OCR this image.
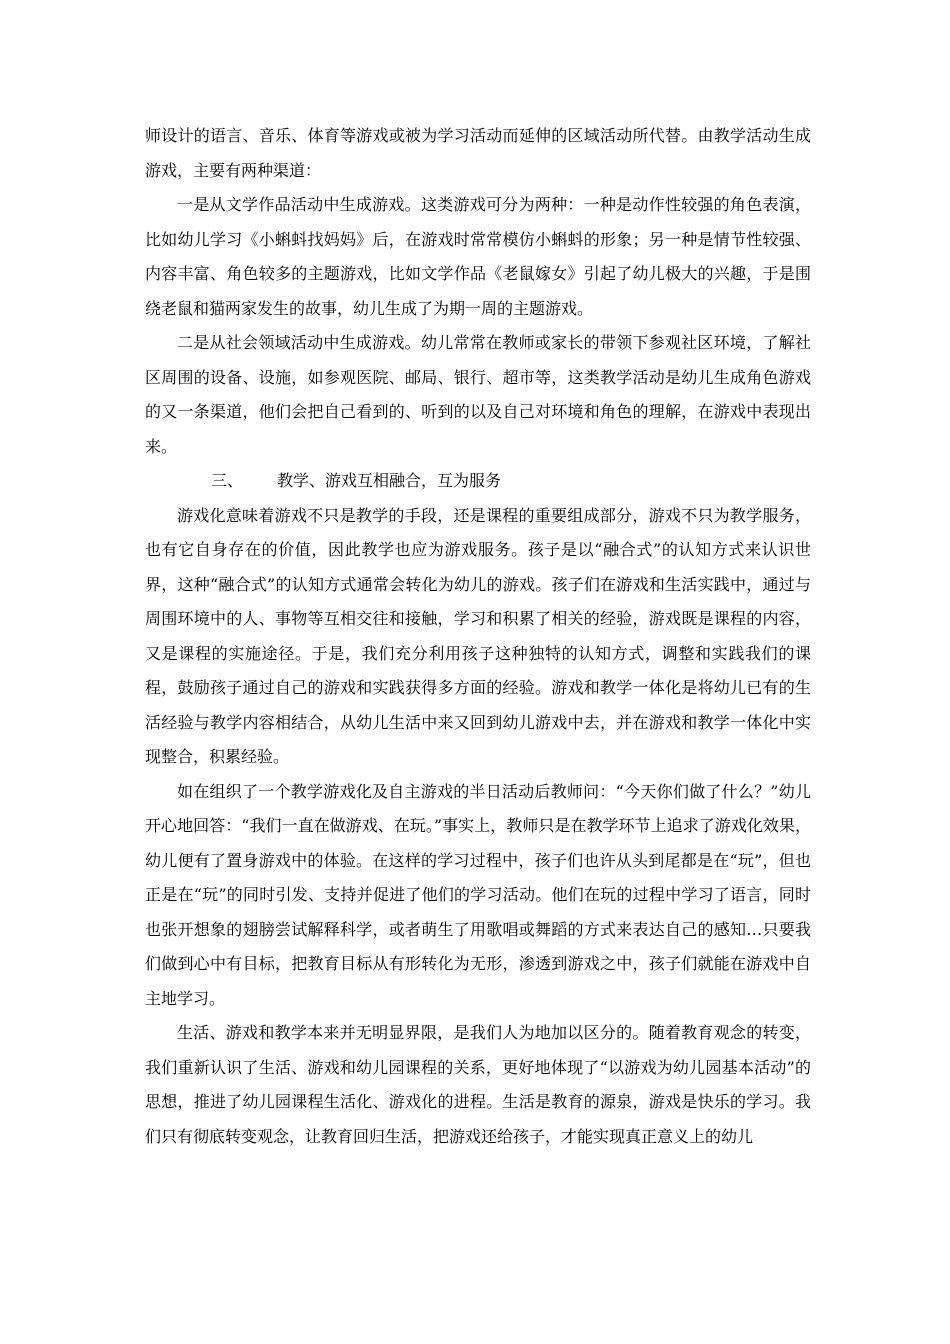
师设计的语言、音乐、体育等游戏或被为学习活动而延伸的区域活动所代替。由教学活动生成游戏，主要有两种渠道：

一是从文学作品活动中生成游戏。这类游戏可分为两种：一种是动作性较强的角色表演，比如幼儿学习《小蝌蚪找妈妈》后，在游戏时常常模仿小蝌蚪的形象；另一种是情节性较强、内容丰富、角色较多的主题游戏，比如文学作品《老鼠嫁女》引起了幼儿极大的兴趣，于是围绕老鼠和猫两家发生的故事，幼儿生成了为期一周的主题游戏。

二是从社会领域活动中生成游戏。幼儿常常在教师或家长的带领下参观社区环境，了解社区周围的设备、设施，如参观医院、邮局、银行、超市等，这类教学活动是幼儿生成角色游戏的又一条渠道，他们会把自己看到的、听到的以及自己对环境和角色的理解，在游戏中表现出来。

三、 教学、游戏互相融合，互为服务

游戏化意味着游戏不只是教学的手段，还是课程的重要组成部分，游戏不只为教学服务，也有它自身存在的价值，因此教学也应为游戏服务。孩子是以“融合式”的认知方式来认识世界，这种“融合式”的认知方式通常会转化为幼儿的游戏。孩子们在游戏和生活实践中，通过与周围环境中的人、事物等互相交往和接触，学习和积累了相关的经验，游戏既是课程的内容，又是课程的实施途径。于是，我们充分利用孩子这种独特的认知方式，调整和实践我们的课程，鼓励孩子通过自己的游戏和实践获得多方面的经验。游戏和教学一体化是将幼儿已有的生活经验与教学内容相结合，从幼儿生活中来又回到幼儿游戏中去，并在游戏和教学一体化中实现整合，积累经验。

如在组织了一个教学游戏化及自主游戏的半日活动后教师问：“今天你们做了什么？”幼儿开心地回答：“我们一直在做游戏、在玩。”事实上，教师只是在教学环节上追求了游戏化效果，幼儿便有了置身游戏中的体验。在这样的学习过程中，孩子们也许从头到尾都是在“玩”，但也正是在“玩”的同时引发、支持并促进了他们的学习活动。他们在玩的过程中学习了语言，同时也张开想象的翅膀尝试解释科学，或者萌生了用歌唱或舞蹈的方式来表达自己的感知…只要我们做到心中有目标，把教育目标从有形转化为无形，渗透到游戏之中，孩子们就能在游戏中自主地学习。

生活、游戏和教学本来并无明显界限，是我们人为地加以区分的。随着教育观念的转变，我们重新认识了生活、游戏和幼儿园课程的关系，更好地体现了“以游戏为幼儿园基本活动”的思想，推进了幼儿园课程生活化、游戏化的进程。生活是教育的源泉，游戏是快乐的学习。我们只有彻底转变观念，让教育回归生活，把游戏还给孩子，才能实现真正意义上的幼儿
